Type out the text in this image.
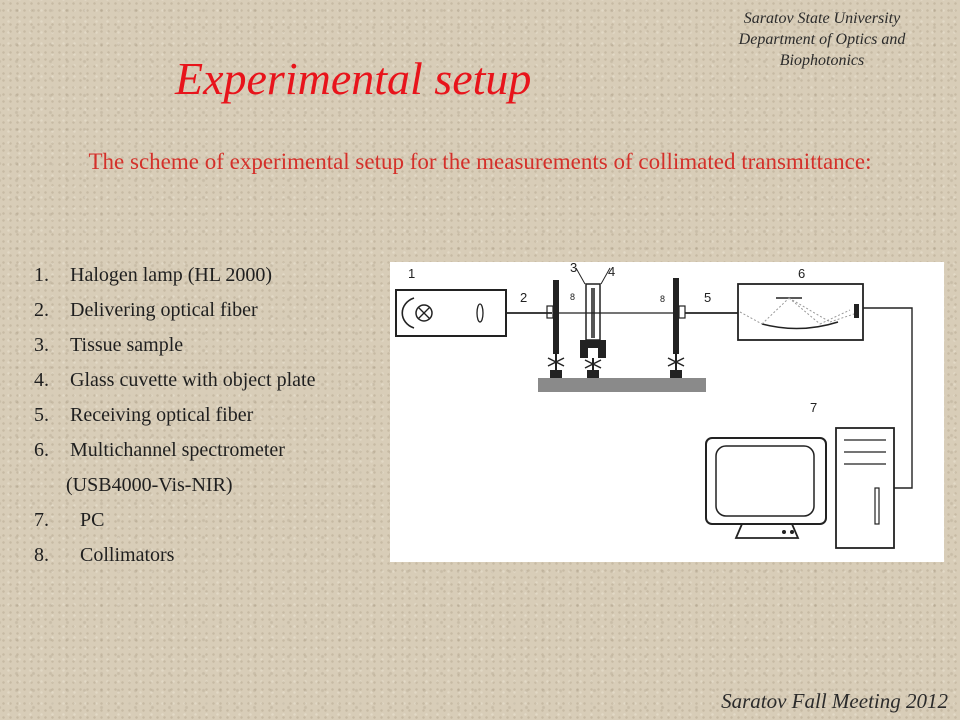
Saratov State University
Department of Optics and
Biophotonics
Experimental setup
The scheme of experimental setup for the measurements of collimated transmittance:
1. Halogen lamp (HL 2000)
2. Delivering optical fiber
3. Tissue sample
4. Glass cuvette with object plate
5. Receiving optical fiber
6. Multichannel spectrometer
(USB4000-Vis-NIR)
7. PC
8. Collimators
1
2	8
3 4
8	5
6
7
Saratov Fall Meeting 2012
